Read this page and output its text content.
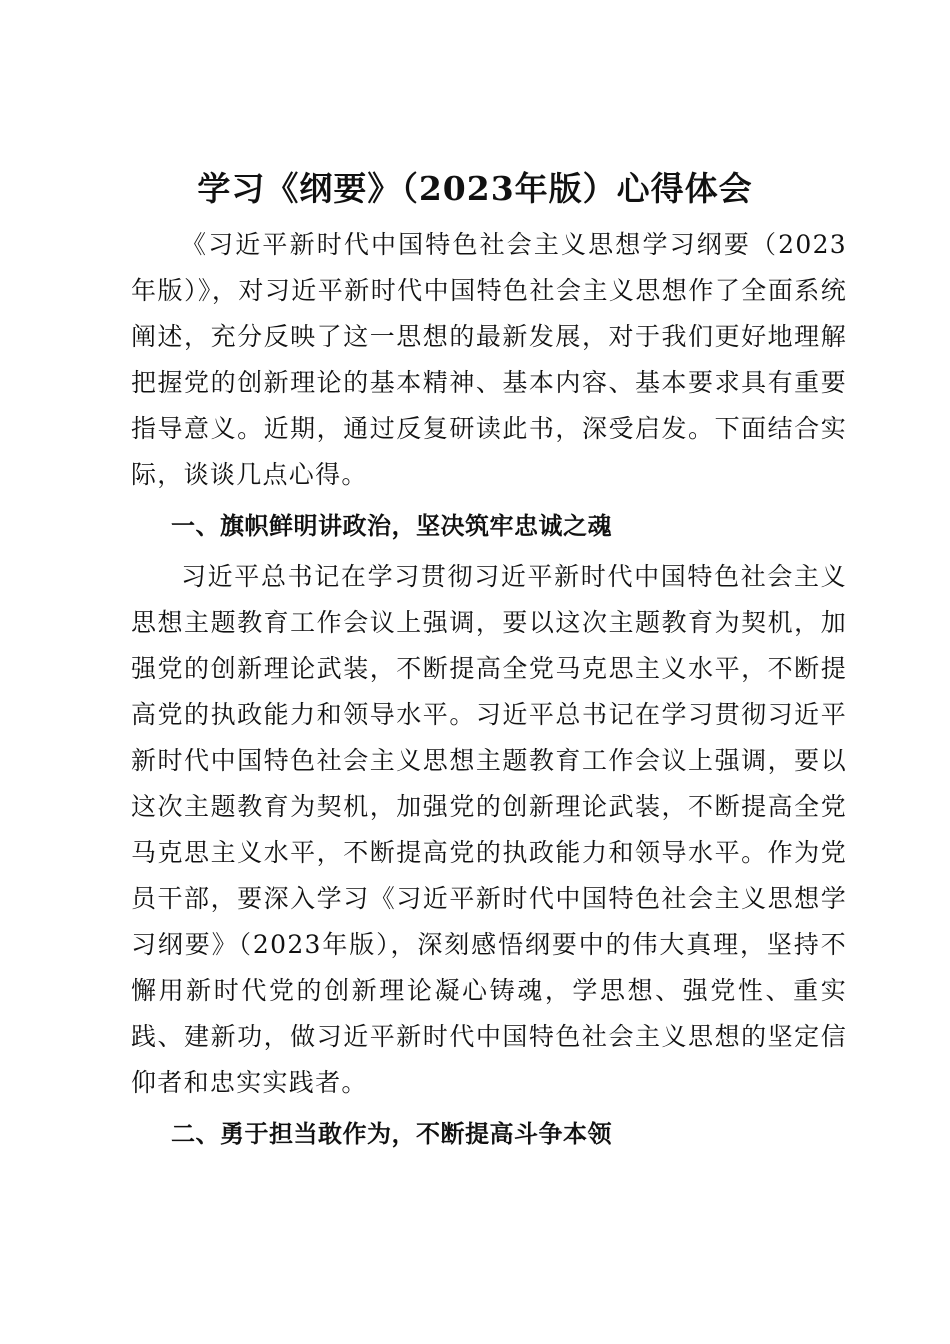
学习《纲要》（2023年版）心得体会

《习近平新时代中国特色社会主义思想学习纲要（2023年版）》，对习近平新时代中国特色社会主义思想作了全面系统阐述，充分反映了这一思想的最新发展，对于我们更好地理解把握党的创新理论的基本精神、基本内容、基本要求具有重要指导意义。近期，通过反复研读此书，深受启发。下面结合实际，谈谈几点心得。

一、旗帜鲜明讲政治，坚决筑牢忠诚之魂

习近平总书记在学习贯彻习近平新时代中国特色社会主义思想主题教育工作会议上强调，要以这次主题教育为契机，加强党的创新理论武装，不断提高全党马克思主义水平，不断提高党的执政能力和领导水平。习近平总书记在学习贯彻习近平新时代中国特色社会主义思想主题教育工作会议上强调，要以这次主题教育为契机，加强党的创新理论武装，不断提高全党马克思主义水平，不断提高党的执政能力和领导水平。作为党员干部，要深入学习《习近平新时代中国特色社会主义思想学习纲要》（2023年版），深刻感悟纲要中的伟大真理，坚持不懈用新时代党的创新理论凝心铸魂，学思想、强党性、重实践、建新功，做习近平新时代中国特色社会主义思想的坚定信仰者和忠实实践者。

二、勇于担当敢作为，不断提高斗争本领
